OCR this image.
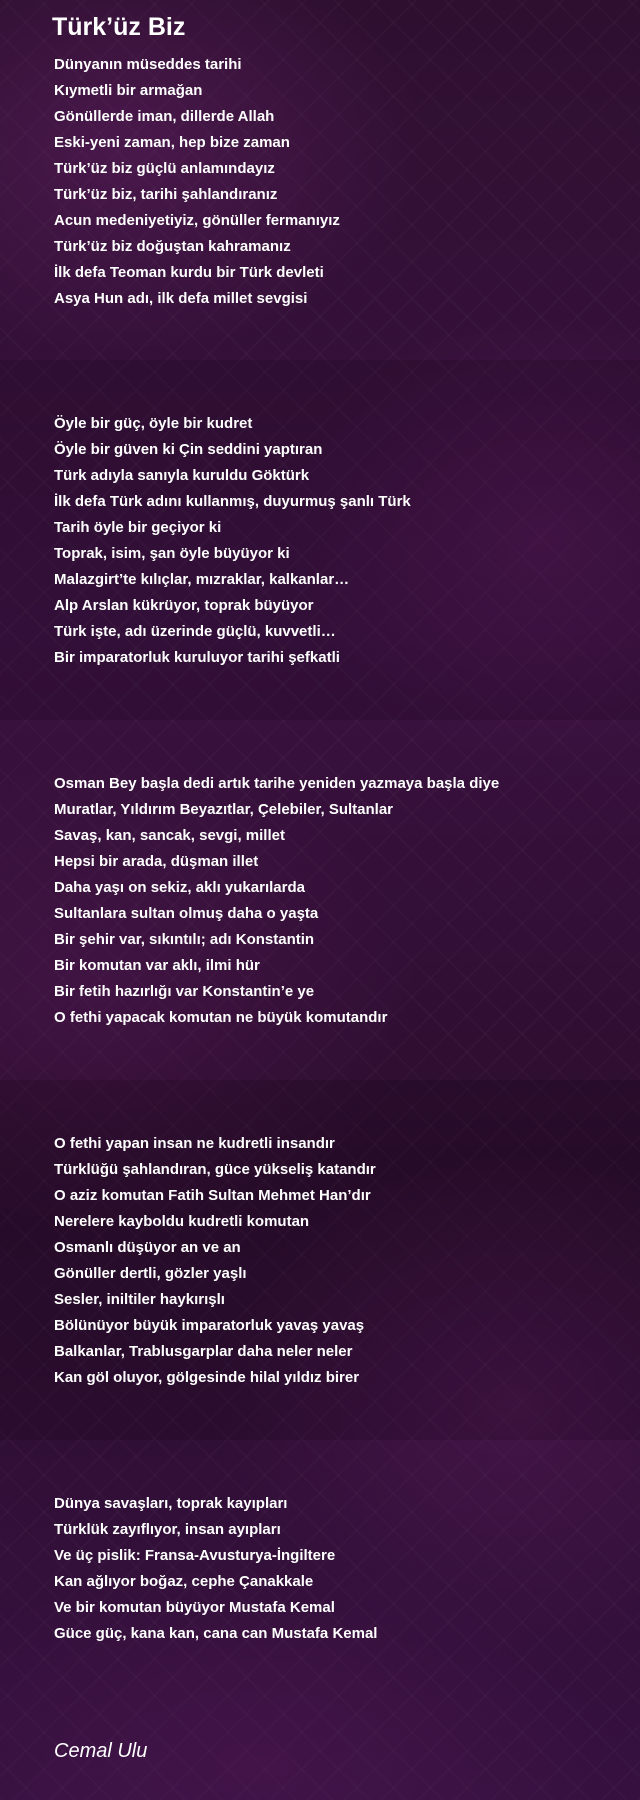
Türk’üz Biz
Dünyanın müseddes tarihi
Kıymetli bir armağan
Gönüllerde iman, dillerde Allah
Eski-yeni zaman, hep bize zaman
Türk’üz biz güçlü anlamındayız
Türk’üz biz, tarihi şahlandıranız
Acun medeniyetiyiz, gönüller fermanıyız
Türk’üz biz doğuştan kahramanız
İlk defa Teoman kurdu bir Türk devleti
Asya Hun adı, ilk defa millet sevgisi
Öyle bir güç, öyle bir kudret
Öyle bir güven ki Çin seddini yaptıran
Türk adıyla sanıyla kuruldu Göktürk
İlk defa Türk adını kullanmış, duyurmuş şanlı Türk
Tarih öyle bir geçiyor ki
Toprak, isim, şan öyle büyüyor ki
Malazgirt’te kılıçlar, mızraklar, kalkanlar…
Alp Arslan kükrüyor, toprak büyüyor
Türk işte, adı üzerinde güçlü, kuvvetli…
Bir imparatorluk kuruluyor tarihi şefkatli
Osman Bey başla dedi artık tarihe yeniden yazmaya başla diye
Muratlar, Yıldırım Beyazıtlar, Çelebiler, Sultanlar
Savaş, kan, sancak, sevgi, millet
Hepsi bir arada, düşman illet
Daha yaşı on sekiz, aklı yukarılarda
Sultanlara sultan olmuş daha o yaşta
Bir şehir var, sıkıntılı; adı Konstantin
Bir komutan var aklı, ilmi hür
Bir fetih hazırlığı var Konstantin’e ye
O fethi yapacak komutan ne büyük komutandır
O fethi yapan insan ne kudretli insandır
Türklüğü şahlandıran, güce yükseliş katandır
O aziz komutan Fatih Sultan Mehmet Han’dır
Nerelere kayboldu kudretli komutan
Osmanlı düşüyor an ve an
Gönüller dertli, gözler yaşlı
Sesler, iniltiler haykırışlı
Bölünüyor büyük imparatorluk yavaş yavaş
Balkanlar, Trablusgarplar daha neler neler
Kan göl oluyor, gölgesinde hilal yıldız birer
Dünya savaşları, toprak kayıpları
Türklük zayıflıyor, insan ayıpları
Ve üç pislik: Fransa-Avusturya-İngiltere
Kan ağlıyor boğaz, cephe Çanakkale
Ve bir komutan büyüyor Mustafa Kemal
Güce güç, kana kan, cana can Mustafa Kemal
Cemal Ulu
